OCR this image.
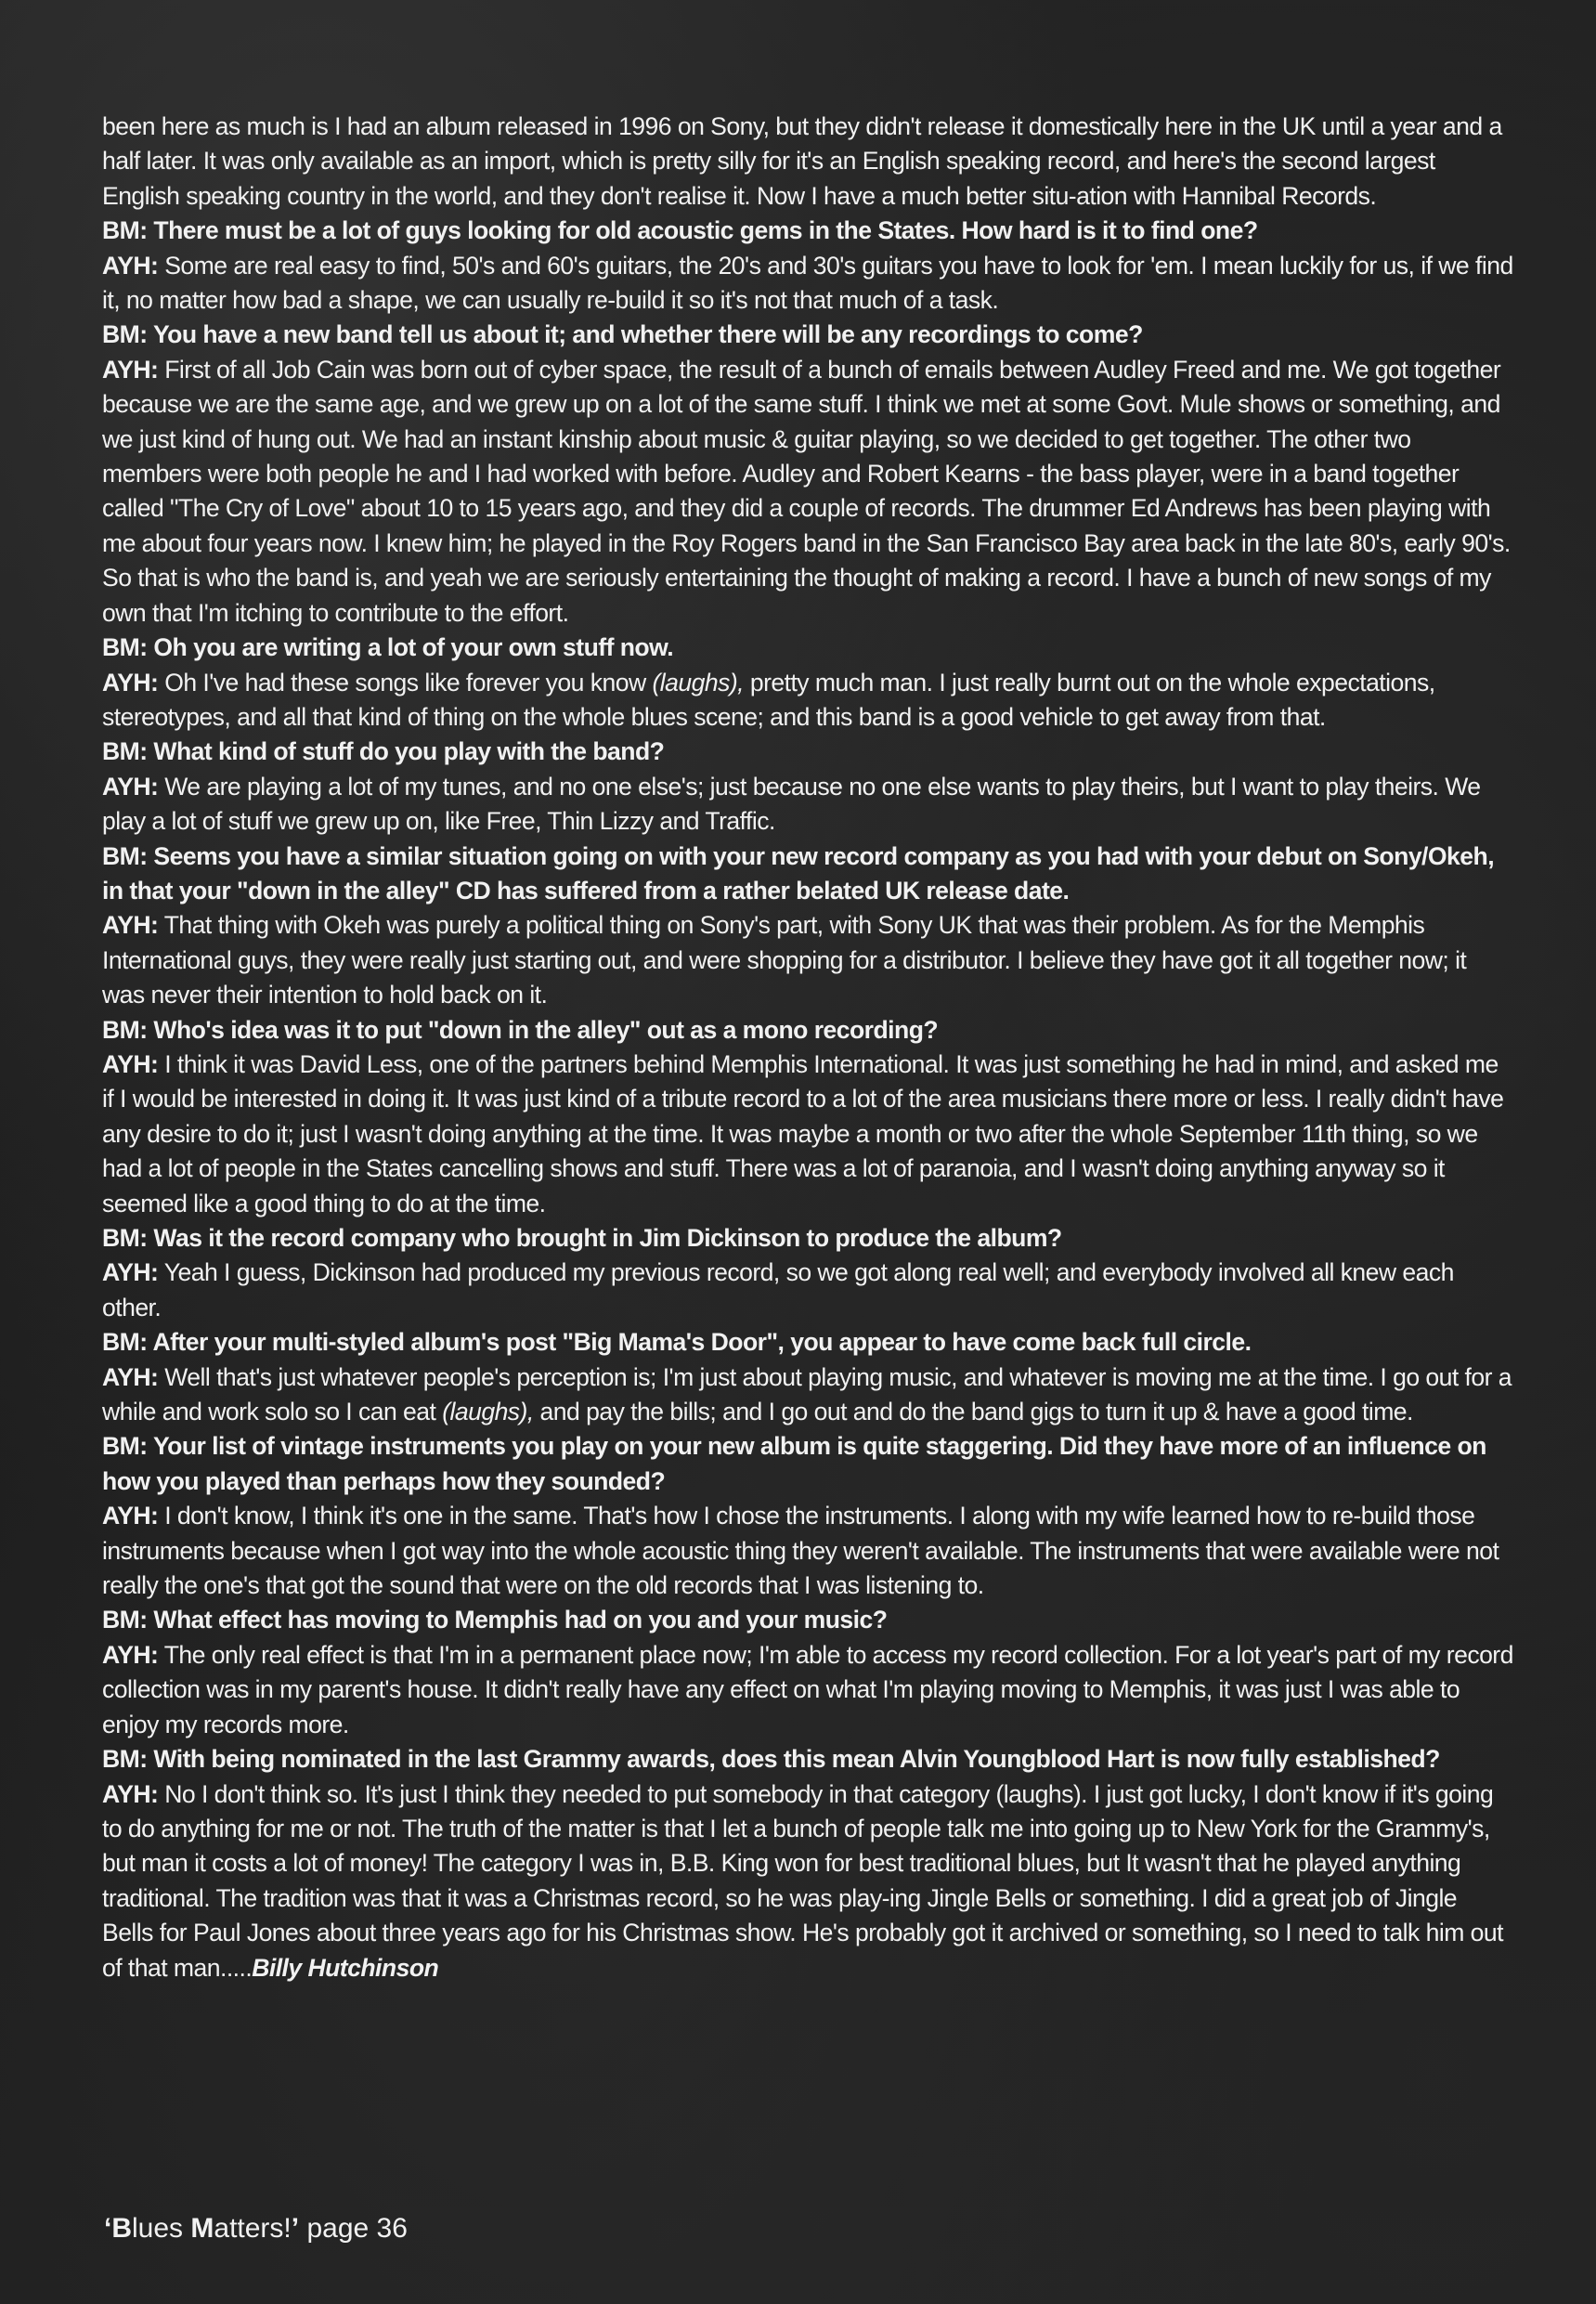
been here as much is I had an album released in 1996 on Sony, but they didn't release it domestically here in the UK until a year and a half later. It was only available as an import, which is pretty silly for it's an English speaking record, and here's the second largest English speaking country in the world, and they don't realise it. Now I have a much better situ-ation with Hannibal Records.

BM: There must be a lot of guys looking for old acoustic gems in the States. How hard is it to find one?

AYH: Some are real easy to find, 50's and 60's guitars, the 20's and 30's guitars you have to look for 'em. I mean luckily for us, if we find it, no matter how bad a shape, we can usually re-build it so it's not that much of a task.

BM: You have a new band tell us about it; and whether there will be any recordings to come?

AYH: First of all Job Cain was born out of cyber space, the result of a bunch of emails between Audley Freed and me. We got together because we are the same age, and we grew up on a lot of the same stuff. I think we met at some Govt. Mule shows or something, and we just kind of hung out. We had an instant kinship about music & guitar playing, so we decided to get together. The other two members were both people he and I had worked with before. Audley and Robert Kearns - the bass player, were in a band together called "The Cry of Love" about 10 to 15 years ago, and they did a couple of records. The drummer Ed Andrews has been playing with me about four years now. I knew him; he played in the Roy Rogers band in the San Francisco Bay area back in the late 80's, early 90's. So that is who the band is, and yeah we are seriously entertaining the thought of making a record. I have a bunch of new songs of my own that I'm itching to contribute to the effort.

BM: Oh you are writing a lot of your own stuff now.

AYH: Oh I've had these songs like forever you know (laughs), pretty much man. I just really burnt out on the whole expectations, stereotypes, and all that kind of thing on the whole blues scene; and this band is a good vehicle to get away from that.

BM: What kind of stuff do you play with the band?

AYH: We are playing a lot of my tunes, and no one else's; just because no one else wants to play theirs, but I want to play theirs. We play a lot of stuff we grew up on, like Free, Thin Lizzy and Traffic.

BM: Seems you have a similar situation going on with your new record company as you had with your debut on Sony/Okeh, in that your "down in the alley" CD has suffered from a rather belated UK release date.

AYH: That thing with Okeh was purely a political thing on Sony's part, with Sony UK that was their problem. As for the Memphis International guys, they were really just starting out, and were shopping for a distributor. I believe they have got it all together now; it was never their intention to hold back on it.

BM: Who's idea was it to put "down in the alley" out as a mono recording?

AYH: I think it was David Less, one of the partners behind Memphis International. It was just something he had in mind, and asked me if I would be interested in doing it. It was just kind of a tribute record to a lot of the area musicians there more or less. I really didn't have any desire to do it; just I wasn't doing anything at the time. It was maybe a month or two after the whole September 11th thing, so we had a lot of people in the States cancelling shows and stuff. There was a lot of paranoia, and I wasn't doing anything anyway so it seemed like a good thing to do at the time.

BM: Was it the record company who brought in Jim Dickinson to produce the album?

AYH: Yeah I guess, Dickinson had produced my previous record, so we got along real well; and everybody involved all knew each other.

BM: After your multi-styled album's post "Big Mama's Door", you appear to have come back full circle.

AYH: Well that's just whatever people's perception is; I'm just about playing music, and whatever is moving me at the time. I go out for a while and work solo so I can eat (laughs), and pay the bills; and I go out and do the band gigs to turn it up & have a good time.

BM: Your list of vintage instruments you play on your new album is quite staggering. Did they have more of an influence on how you played than perhaps how they sounded?

AYH: I don't know, I think it's one in the same. That's how I chose the instruments. I along with my wife learned how to re-build those instruments because when I got way into the whole acoustic thing they weren't available. The instruments that were available were not really the one's that got the sound that were on the old records that I was listening to.

BM: What effect has moving to Memphis had on you and your music?

AYH: The only real effect is that I'm in a permanent place now; I'm able to access my record collection. For a lot year's part of my record collection was in my parent's house. It didn't really have any effect on what I'm playing moving to Memphis, it was just I was able to enjoy my records more.

BM: With being nominated in the last Grammy awards, does this mean Alvin Youngblood Hart is now fully established?

AYH: No I don't think so. It's just I think they needed to put somebody in that category (laughs). I just got lucky, I don't know if it's going to do anything for me or not. The truth of the matter is that I let a bunch of people talk me into going up to New York for the Grammy's, but man it costs a lot of money! The category I was in, B.B. King won for best traditional blues, but It wasn't that he played anything traditional. The tradition was that it was a Christmas record, so he was play-ing Jingle Bells or something. I did a great job of Jingle Bells for Paul Jones about three years ago for his Christmas show. He's probably got it archived or something, so I need to talk him out of that man.....Billy Hutchinson

‘Blues Matters!’ page 36
